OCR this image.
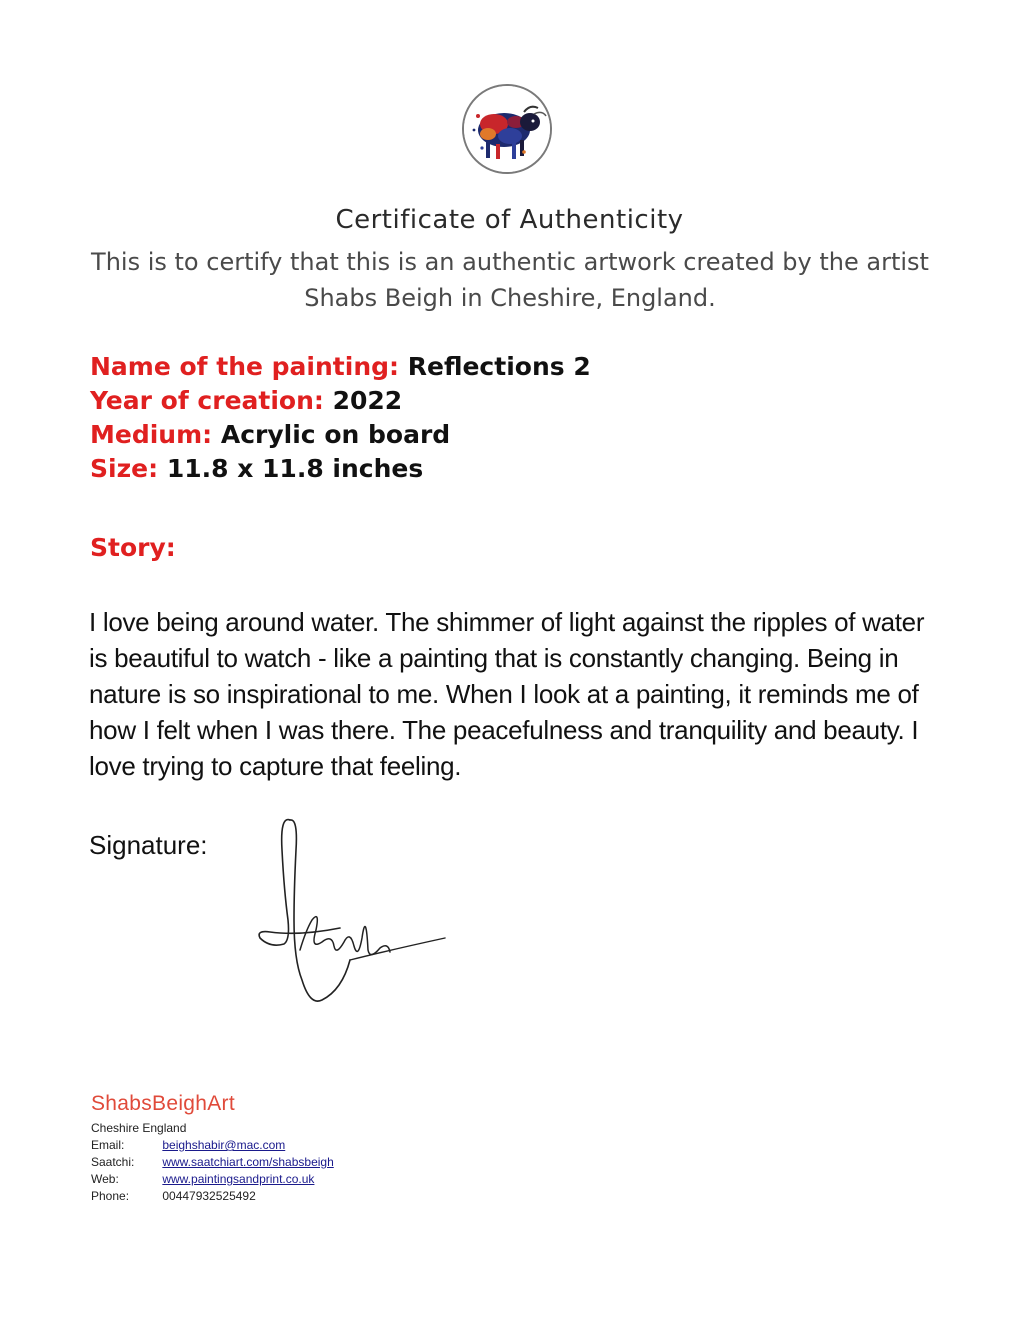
Certificate of Authenticity
This is to certify that this is an authentic artwork created by the artist Shabs Beigh in Cheshire, England.
Name of the painting: Reflections 2
Year of creation: 2022
Medium: Acrylic on board
Size: 11.8 x 11.8 inches
Story:
I love being around water. The shimmer of light against the ripples of water is beautiful to watch - like a painting that is constantly changing. Being in nature is so inspirational to me. When I look at a painting, it reminds me of how I felt when I was there. The peacefulness and tranquility and beauty. I love trying to capture that feeling.
Signature:
ShabsBeighArt
Cheshire England
Email:	beighshabir@mac.com
Saatchi: www.saatchiart.com/shabsbeigh
Web:	www.paintingsandprint.co.uk
Phone:	00447932525492
